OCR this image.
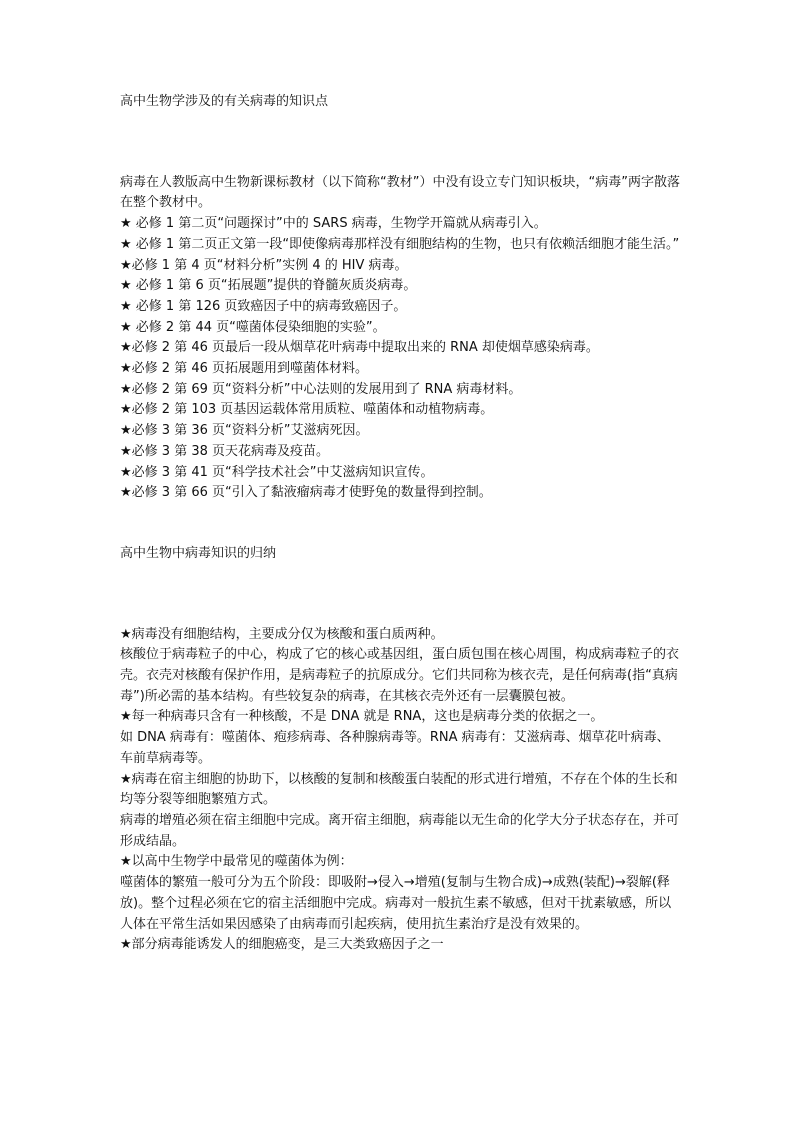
高中生物学涉及的有关病毒的知识点

病毒在人教版高中生物新课标教材（以下简称“教材”）中没有设立专门知识板块，“病毒”两字散落在整个教材中。

★ 必修 1 第二页“问题探讨”中的 SARS 病毒，生物学开篇就从病毒引入。

★ 必修 1 第二页正文第一段“即使像病毒那样没有细胞结构的生物，也只有依赖活细胞才能生活。”

★必修 1 第 4 页“材料分析”实例 4 的 HIV 病毒。

★ 必修 1 第 6 页“拓展题”提供的脊髓灰质炎病毒。

★ 必修 1 第 126 页致癌因子中的病毒致癌因子。

★ 必修 2 第 44 页“噬菌体侵染细胞的实验”。

★必修 2 第 46 页最后一段从烟草花叶病毒中提取出来的 RNA 却使烟草感染病毒。

★必修 2 第 46 页拓展题用到噬菌体材料。

★必修 2 第 69 页“资料分析”中心法则的发展用到了 RNA 病毒材料。

★必修 2 第 103 页基因运载体常用质粒、噬菌体和动植物病毒。

★必修 3 第 36 页“资料分析”艾滋病死因。

★必修 3 第 38 页天花病毒及疫苗。

★必修 3 第 41 页“科学技术社会”中艾滋病知识宣传。

★必修 3 第 66 页“引入了黏液瘤病毒才使野兔的数量得到控制。

高中生物中病毒知识的归纳

★病毒没有细胞结构，主要成分仅为核酸和蛋白质两种。

核酸位于病毒粒子的中心，构成了它的核心或基因组，蛋白质包围在核心周围，构成病毒粒子的衣壳。衣壳对核酸有保护作用，是病毒粒子的抗原成分。它们共同称为核衣壳，是任何病毒(指“真病毒”)所必需的基本结构。有些较复杂的病毒，在其核衣壳外还有一层囊膜包被。

★每一种病毒只含有一种核酸，不是 DNA 就是 RNA，这也是病毒分类的依据之一。

如 DNA 病毒有：噬菌体、疱疹病毒、各种腺病毒等。RNA 病毒有：艾滋病毒、烟草花叶病毒、车前草病毒等。

★病毒在宿主细胞的协助下，以核酸的复制和核酸蛋白装配的形式进行增殖，不存在个体的生长和均等分裂等细胞繁殖方式。

病毒的增殖必须在宿主细胞中完成。离开宿主细胞，病毒能以无生命的化学大分子状态存在，并可形成结晶。

★以高中生物学中最常见的噬菌体为例：

噬菌体的繁殖一般可分为五个阶段：即吸附→侵入→增殖(复制与生物合成)→成熟(装配)→裂解(释放)。整个过程必须在它的宿主活细胞中完成。病毒对一般抗生素不敏感，但对干扰素敏感，所以人体在平常生活如果因感染了由病毒而引起疾病，使用抗生素治疗是没有效果的。

★部分病毒能诱发人的细胞癌变，是三大类致癌因子之一
